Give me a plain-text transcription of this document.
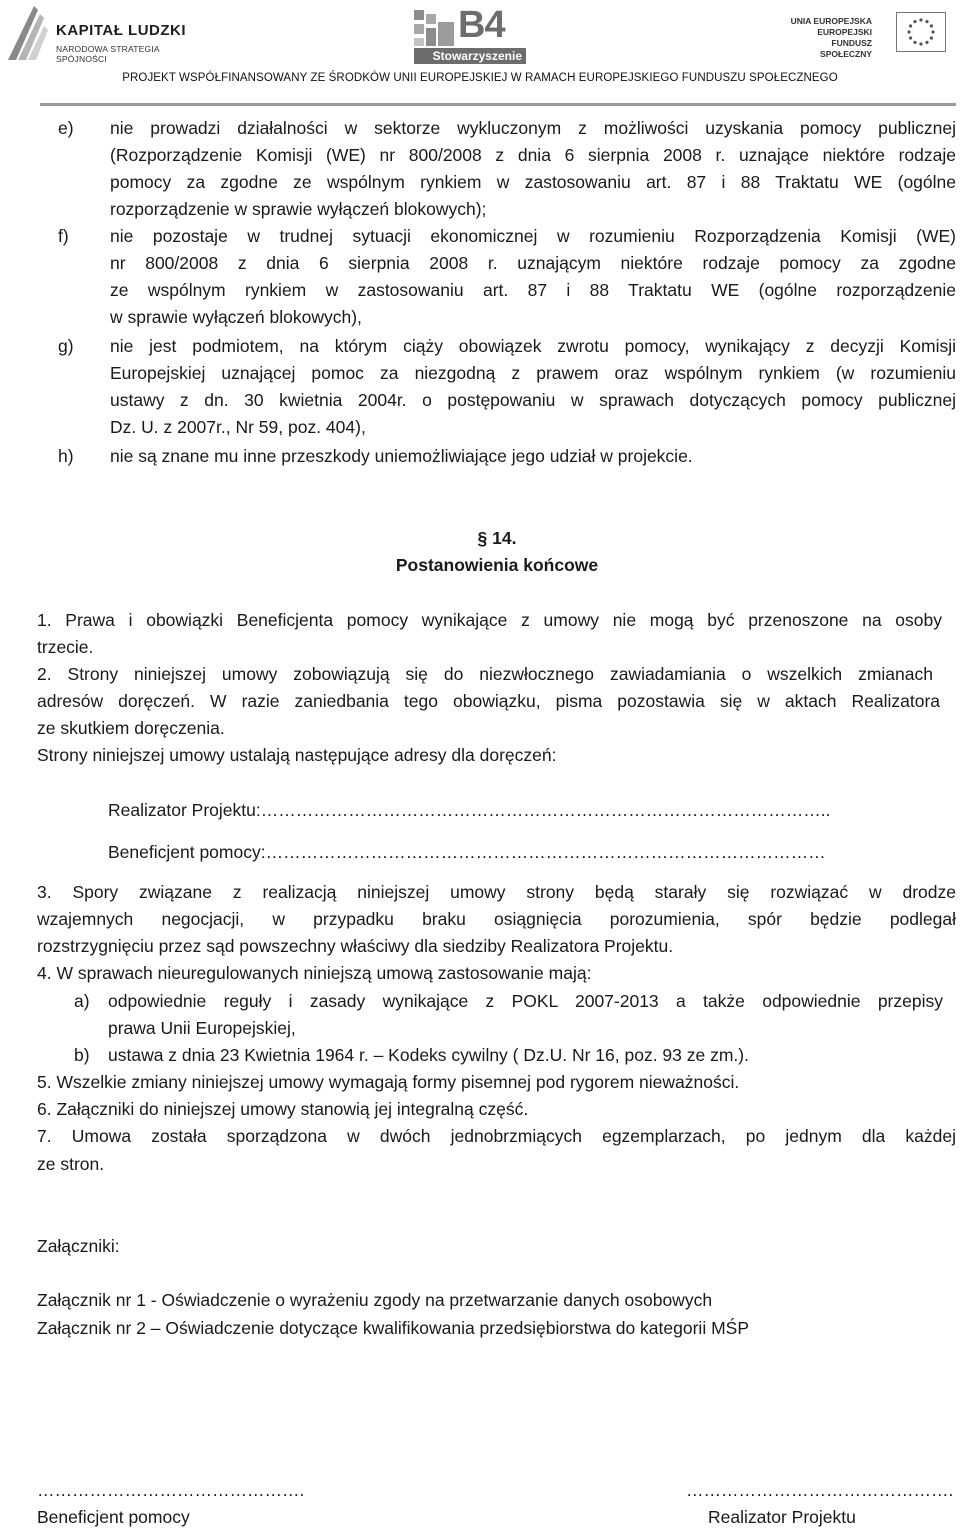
KAPITAŁ LUDZKI
NARODOWA STRATEGIA SPÓJNOŚCI
B4
Stowarzyszenie
UNIA EUROPEJSKA
EUROPEJSKI
FUNDUSZ SPOŁECZNY
PROJEKT WSPÓŁFINANSOWANY ZE ŚRODKÓW UNII EUROPEJSKIEJ W RAMACH EUROPEJSKIEGO FUNDUSZU SPOŁECZNEGO
e) nie prowadzi działalności w sektorze wykluczonym z możliwości uzyskania pomocy publicznej
(Rozporządzenie Komisji (WE) nr 800/2008 z dnia 6 sierpnia 2008 r. uznające niektóre rodzaje
pomocy za zgodne ze wspólnym rynkiem w zastosowaniu art. 87 i 88 Traktatu WE (ogólne
rozporządzenie w sprawie wyłączeń blokowych);
f) nie pozostaje w trudnej sytuacji ekonomicznej w rozumieniu Rozporządzenia Komisji (WE)
nr 800/2008 z dnia 6 sierpnia 2008 r. uznającym niektóre rodzaje pomocy za zgodne
ze wspólnym rynkiem w zastosowaniu art. 87 i 88 Traktatu WE (ogólne rozporządzenie
w sprawie wyłączeń blokowych),
g) nie jest podmiotem, na którym ciąży obowiązek zwrotu pomocy, wynikający z decyzji Komisji
Europejskiej uznającej pomoc za niezgodną z prawem oraz wspólnym rynkiem (w rozumieniu
ustawy z dn. 30 kwietnia 2004r. o postępowaniu w sprawach dotyczących pomocy publicznej
Dz. U. z 2007r., Nr 59, poz. 404),
h) nie są znane mu inne przeszkody uniemożliwiające jego udział w projekcie.
§ 14.
Postanowienia końcowe
1. Prawa i obowiązki Beneficjenta pomocy wynikające z umowy nie mogą być przenoszone na osoby
trzecie.
2. Strony niniejszej umowy zobowiązują się do niezwłocznego zawiadamiania o wszelkich zmianach
adresów doręczeń. W razie zaniedbania tego obowiązku, pisma pozostawia się w aktach Realizatora
ze skutkiem doręczenia.
Strony niniejszej umowy ustalają następujące adresy dla doręczeń:
Realizator Projektu:……………………………………………………………………………………..
Beneficjent pomocy:……………………………………………………………………………………
3. Spory związane z realizacją niniejszej umowy strony będą starały się rozwiązać w drodze
wzajemnych negocjacji, w przypadku braku osiągnięcia porozumienia, spór będzie podlegał
rozstrzygnięciu przez sąd powszechny właściwy dla siedziby Realizatora Projektu.
4. W sprawach nieuregulowanych niniejszą umową zastosowanie mają:
a) odpowiednie reguły i zasady wynikające z POKL 2007-2013 a także odpowiednie przepisy
prawa Unii Europejskiej,
b) ustawa z dnia 23 Kwietnia 1964 r. – Kodeks cywilny ( Dz.U. Nr 16, poz. 93 ze zm.).
5. Wszelkie zmiany niniejszej umowy wymagają formy pisemnej pod rygorem nieważności.
6. Załączniki do niniejszej umowy stanowią jej integralną część.
7. Umowa została sporządzona w dwóch jednobrzmiących egzemplarzach, po jednym dla każdej
ze stron.
Załączniki:
Załącznik nr 1 - Oświadczenie o wyrażeniu zgody na przetwarzanie danych osobowych
Załącznik nr 2 – Oświadczenie dotyczące kwalifikowania przedsiębiorstwa do kategorii MŚP
……………………………………….
Beneficjent pomocy
……………………………………….
Realizator Projektu
